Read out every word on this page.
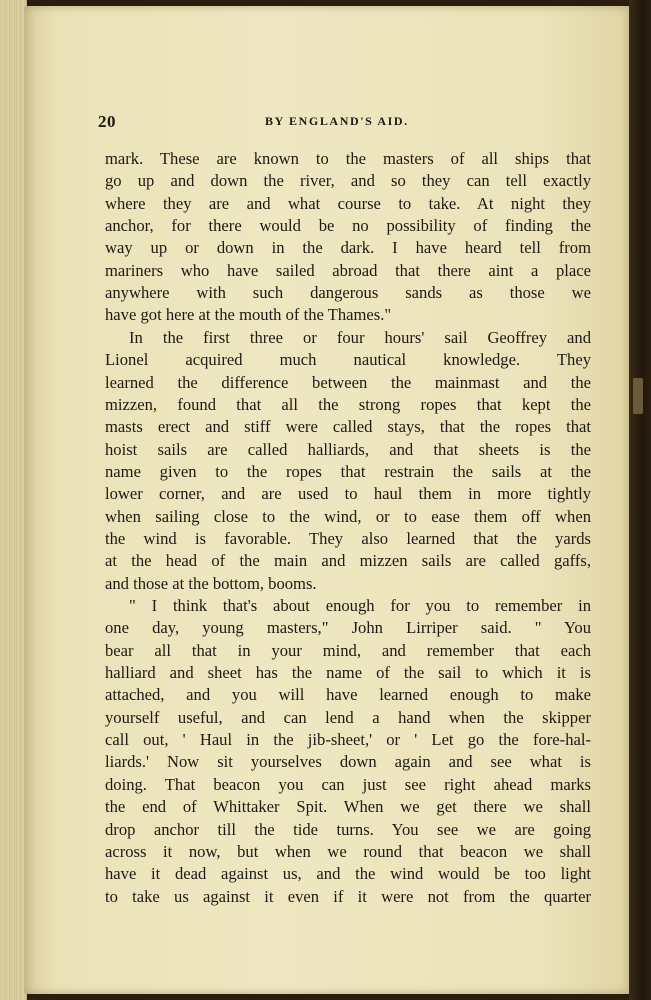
20	BY ENGLAND'S AID.
mark. These are known to the masters of all ships that
go up and down the river, and so they can tell exactly
where they are and what course to take. At night they
anchor, for there would be no possibility of finding the
way up or down in the dark. I have heard tell from
mariners who have sailed abroad that there aint a place
anywhere with such dangerous sands as those we
have got here at the mouth of the Thames."
In the first three or four hours' sail Geoffrey and
Lionel acquired much nautical knowledge. They
learned the difference between the mainmast and the
mizzen, found that all the strong ropes that kept the
masts erect and stiff were called stays, that the ropes that
hoist sails are called halliards, and that sheets is the
name given to the ropes that restrain the sails at the
lower corner, and are used to haul them in more tightly
when sailing close to the wind, or to ease them off when
the wind is favorable. They also learned that the yards
at the head of the main and mizzen sails are called gaffs,
and those at the bottom, booms.
" I think that's about enough for you to remember in
one day, young masters," John Lirriper said. " You
bear all that in your mind, and remember that each
halliard and sheet has the name of the sail to which it is
attached, and you will have learned enough to make
yourself useful, and can lend a hand when the skipper
call out, ' Haul in the jib-sheet,' or ' Let go the fore-hal-
liards.' Now sit yourselves down again and see what is
doing. That beacon you can just see right ahead marks
the end of Whittaker Spit. When we get there we shall
drop anchor till the tide turns. You see we are going
across it now, but when we round that beacon we shall
have it dead against us, and the wind would be too light
to take us against it even if it were not from the quarter
